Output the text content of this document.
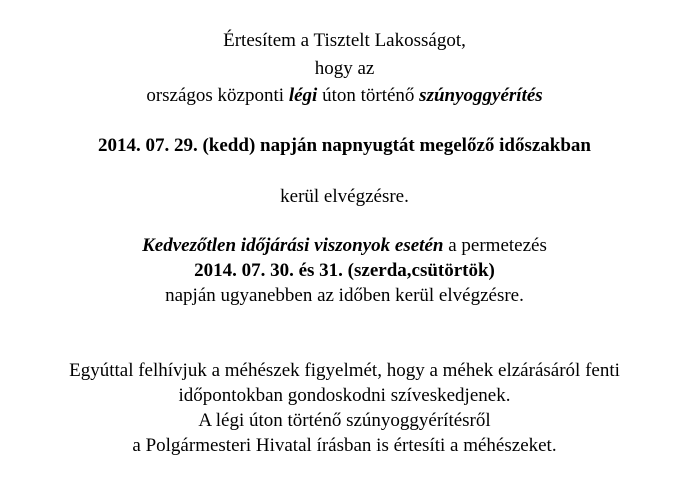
Értesítem a Tisztelt Lakosságot,
hogy az
országos központi légi úton történő szúnyoggyérítés
2014. 07. 29. (kedd) napján napnyugtát megelőző időszakban
kerül elvégzésre.
Kedvezőtlen időjárási viszonyok esetén a permetezés
2014. 07. 30. és 31. (szerda,csütörtök)
napján ugyanebben az időben kerül elvégzésre.
Egyúttal felhívjuk a méhészek figyelmét, hogy a méhek elzárásáról fenti
időpontokban gondoskodni szíveskedjenek.
A légi úton történő szúnyoggyérítésről
a Polgármesteri Hivatal írásban is értesíti a méhészeket.
